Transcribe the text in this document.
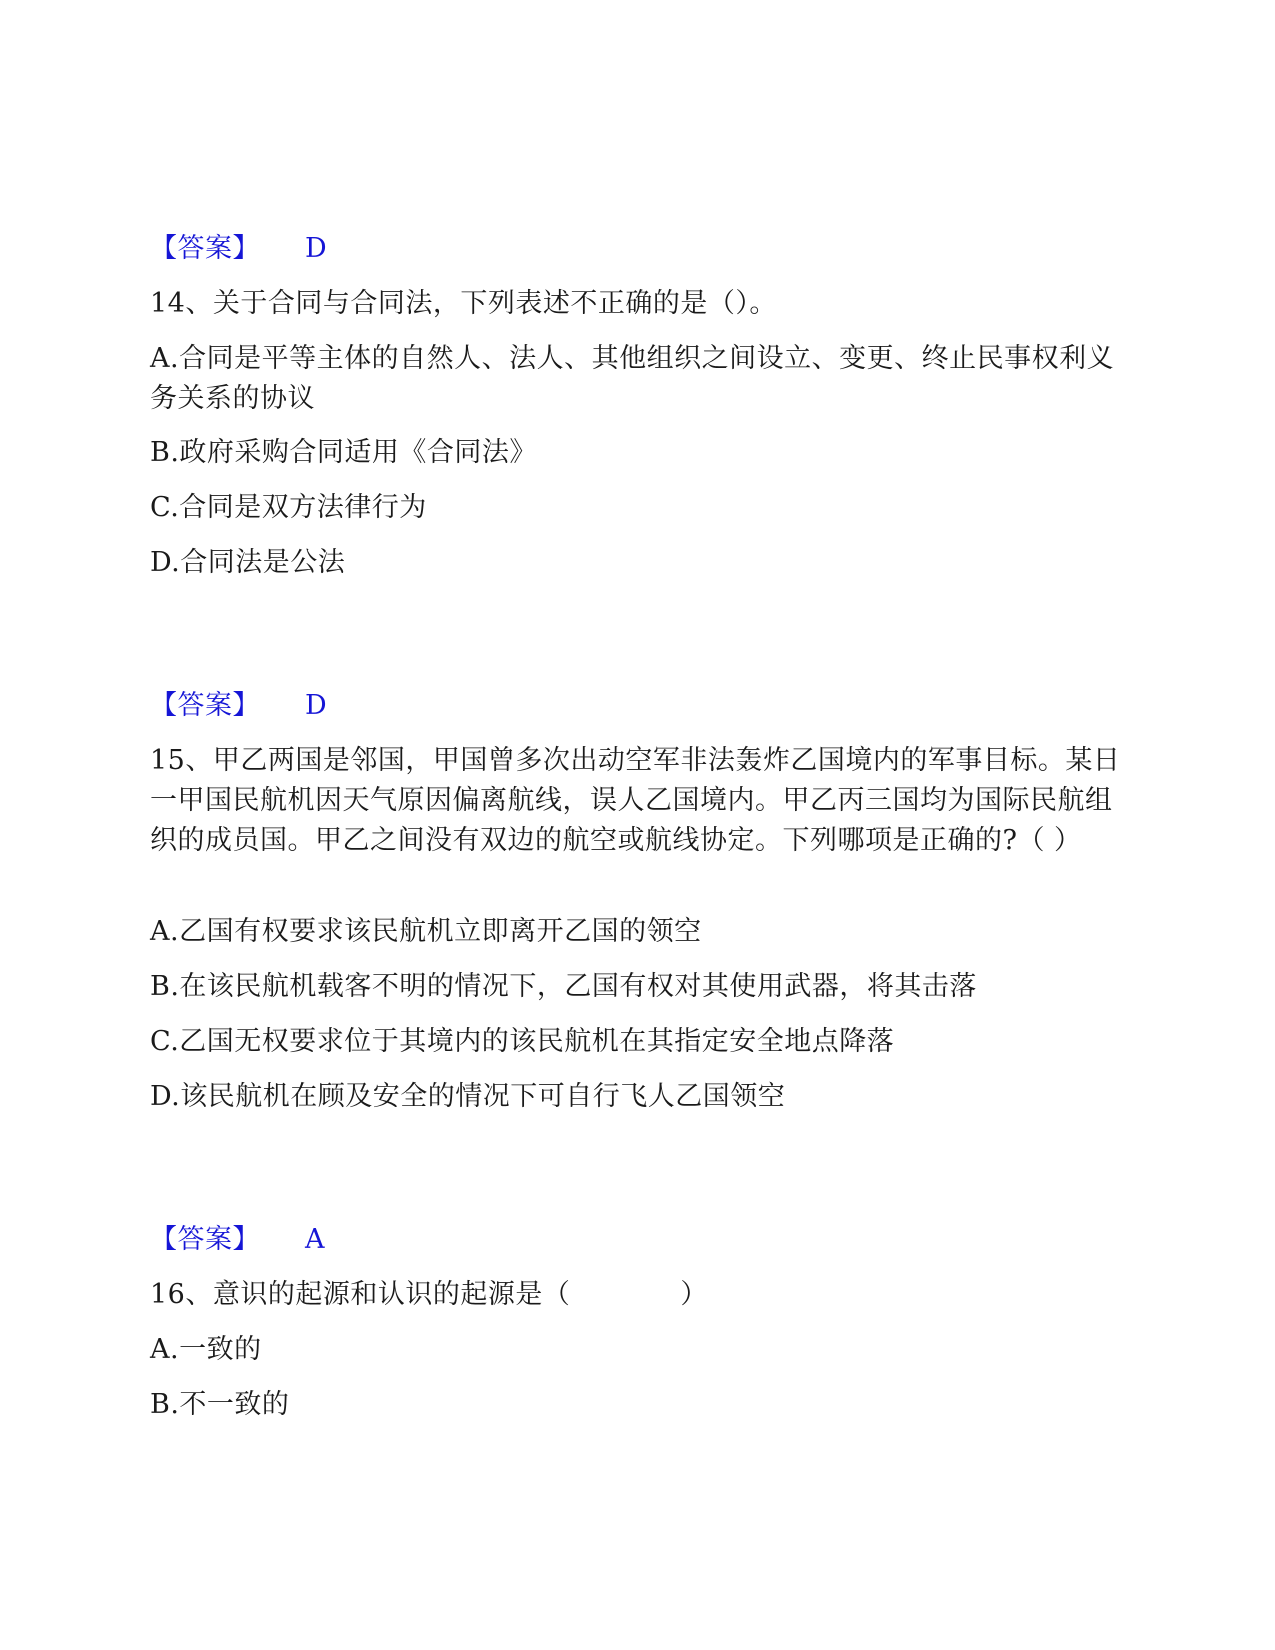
【答案】 D
14、关于合同与合同法，下列表述不正确的是（）。
A.合同是平等主体的自然人、法人、其他组织之间设立、变更、终止民事权利义务关系的协议
B.政府采购合同适用《合同法》
C.合同是双方法律行为
D.合同法是公法
【答案】 D
15、甲乙两国是邻国，甲国曾多次出动空军非法轰炸乙国境内的军事目标。某日一甲国民航机因天气原因偏离航线，误人乙国境内。甲乙丙三国均为国际民航组织的成员国。甲乙之间没有双边的航空或航线协定。下列哪项是正确的?（ ）
A.乙国有权要求该民航机立即离开乙国的领空
B.在该民航机载客不明的情况下，乙国有权对其使用武器，将其击落
C.乙国无权要求位于其境内的该民航机在其指定安全地点降落
D.该民航机在顾及安全的情况下可自行飞人乙国领空
【答案】 A
16、意识的起源和认识的起源是（　　　　）
A.一致的
B.不一致的
